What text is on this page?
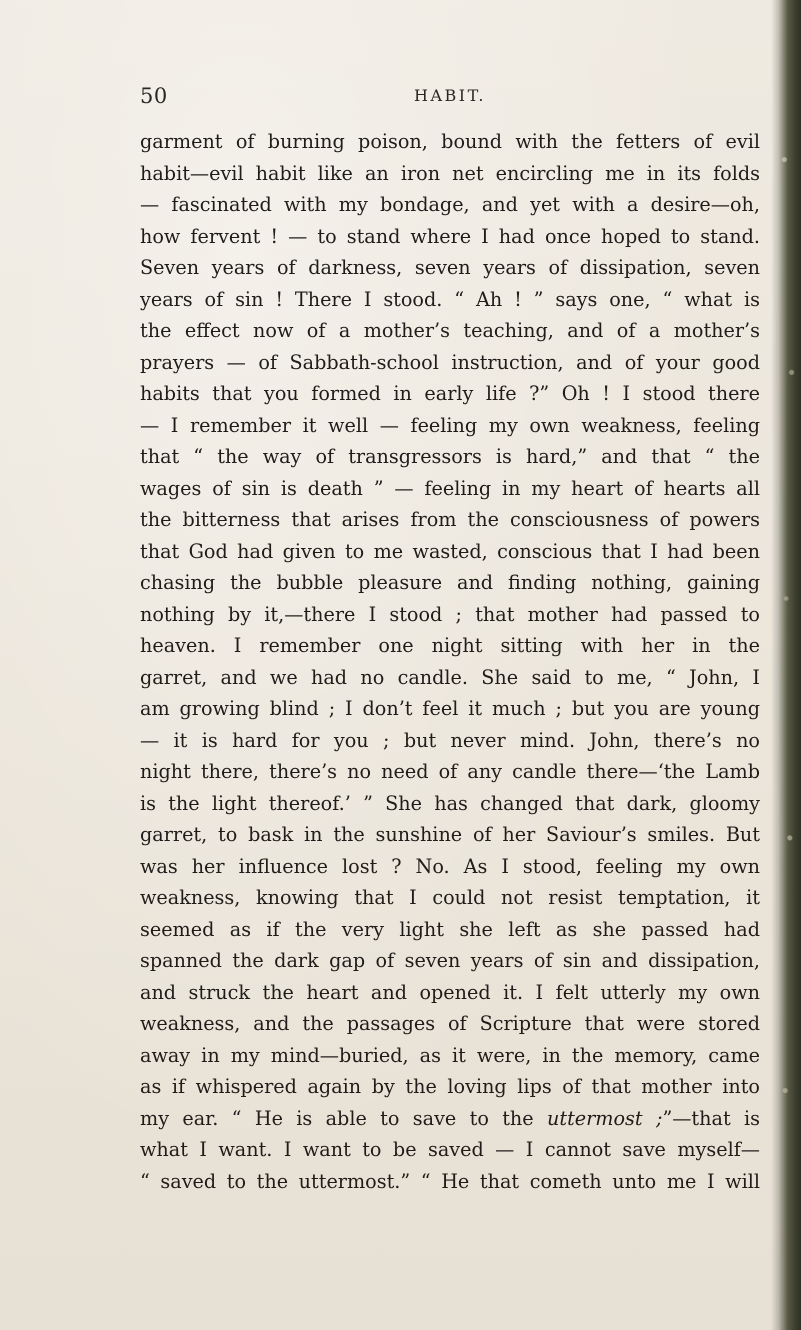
50	HABIT.
garment of burning poison, bound with the fetters of evil
habit—evil habit like an iron net encircling me in its folds
— fascinated with my bondage, and yet with a desire—oh,
how fervent ! — to stand where I had once hoped to stand.
Seven years of darkness, seven years of dissipation, seven
years of sin ! There I stood. “ Ah ! ” says one, “ what is
the effect now of a mother’s teaching, and of a mother’s
prayers — of Sabbath-school instruction, and of your good
habits that you formed in early life ?” Oh ! I stood there
— I remember it well — feeling my own weakness, feeling
that “ the way of transgressors is hard,” and that “ the
wages of sin is death ” — feeling in my heart of hearts all
the bitterness that arises from the consciousness of powers
that God had given to me wasted, conscious that I had been
chasing the bubble pleasure and finding nothing, gaining
nothing by it,—there I stood ; that mother had passed to
heaven. I remember one night sitting with her in the
garret, and we had no candle. She said to me, “ John, I
am growing blind ; I don’t feel it much ; but you are young
— it is hard for you ; but never mind. John, there’s no
night there, there’s no need of any candle there—‘the Lamb
is the light thereof.’ ” She has changed that dark, gloomy
garret, to bask in the sunshine of her Saviour’s smiles. But
was her influence lost ? No. As I stood, feeling my own
weakness, knowing that I could not resist temptation, it
seemed as if the very light she left as she passed had
spanned the dark gap of seven years of sin and dissipation,
and struck the heart and opened it. I felt utterly my own
weakness, and the passages of Scripture that were stored
away in my mind—buried, as it were, in the memory, came
as if whispered again by the loving lips of that mother into
my ear. “ He is able to save to the uttermost ;”—that is
what I want. I want to be saved — I cannot save myself—
“ saved to the uttermost.” “ He that cometh unto me I will
